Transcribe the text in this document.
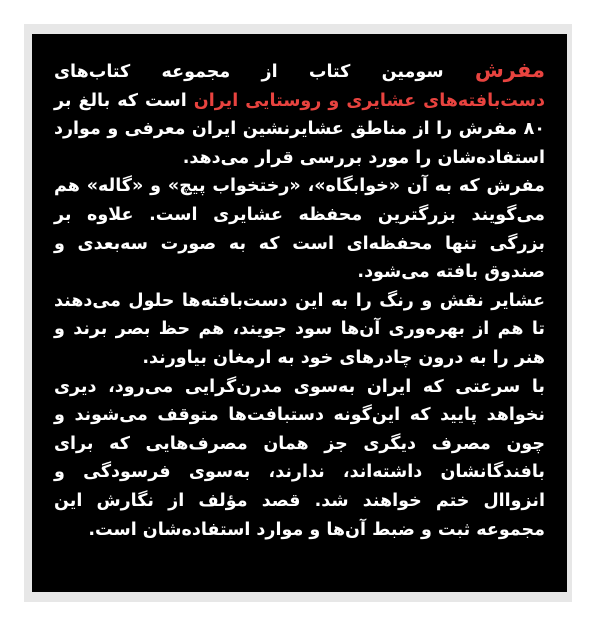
مفرش سومین کتاب از مجموعه کتاب‌های دست‌بافته‌های عشایری و روستایی ایران است که بالغ بر ۸۰ مفرش را از مناطق عشایرنشین ایران معرفی و موارد استفاده‌شان را مورد بررسی قرار می‌دهد.

مفرش که به آن «خوابگاه»، «رختخواب پیچ» و «گاله» هم می‌گویند بزرگترین محفظه عشایری است. علاوه بر بزرگی تنها محفظه‌ای است که به صورت سه‌بعدی و صندوق بافته می‌شود.

عشایر نقش و رنگ را به این دست‌بافته‌ها حلول می‌دهند تا هم از بهره‌وری آن‌ها سود جویند، هم حظ بصر برند و هنر را به درون چادرهای خود به ارمغان بیاورند.

با سرعتی که ایران به‌سوی مدرن‌گرایی می‌رود، دیری نخواهد پایید که این‌گونه دستبافت‌ها متوقف می‌شوند و چون مصرف دیگری جز همان مصرف‌هایی که برای بافندگانشان داشته‌اند، ندارند، به‌سوی فرسودگی و انزواال ختم خواهند شد. قصد مؤلف از نگارش این مجموعه ثبت و ضبط آن‌ها و موارد استفاده‌شان است.
